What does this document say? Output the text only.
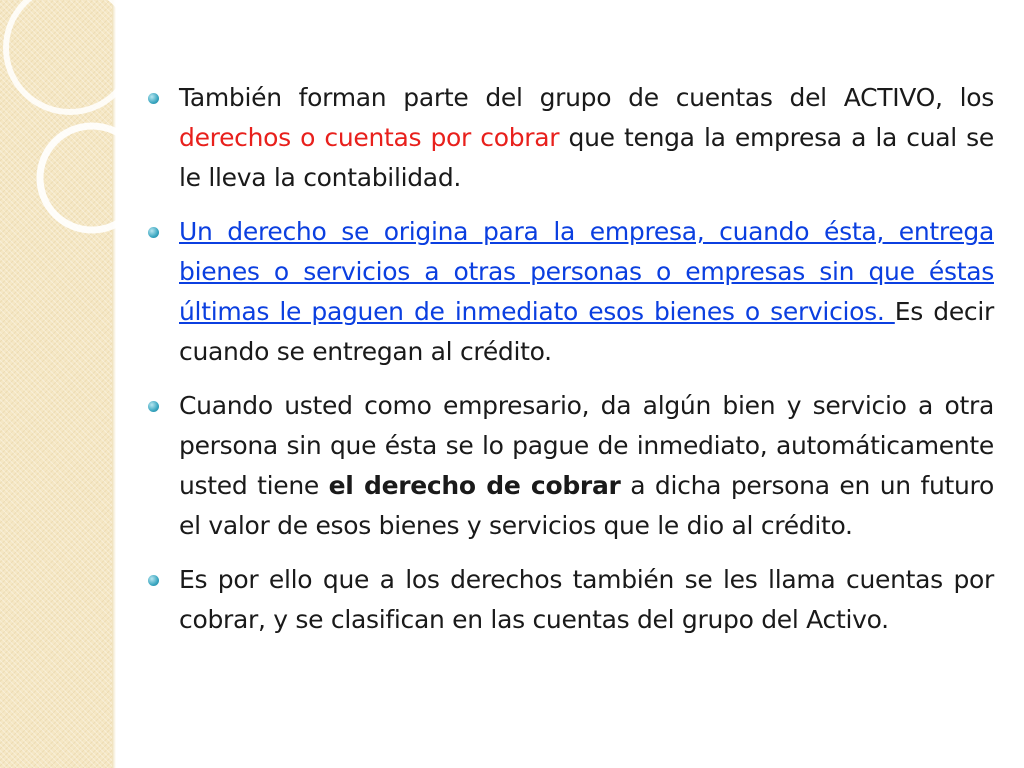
También forman parte del grupo de cuentas del ACTIVO, los derechos o cuentas por cobrar que tenga la empresa a la cual se le lleva la contabilidad.
Un derecho se origina para la empresa, cuando ésta, entrega bienes o servicios a otras personas o empresas sin que éstas últimas le paguen de inmediato esos bienes o servicios. Es decir cuando se entregan al crédito.
Cuando usted como empresario, da algún bien y servicio a otra persona sin que ésta se lo pague de inmediato, automáticamente usted tiene el derecho de cobrar a dicha persona en un futuro el valor de esos bienes y servicios que le dio al crédito.
Es por ello que a los derechos también se les llama cuentas por cobrar, y se clasifican en las cuentas del grupo del Activo.
